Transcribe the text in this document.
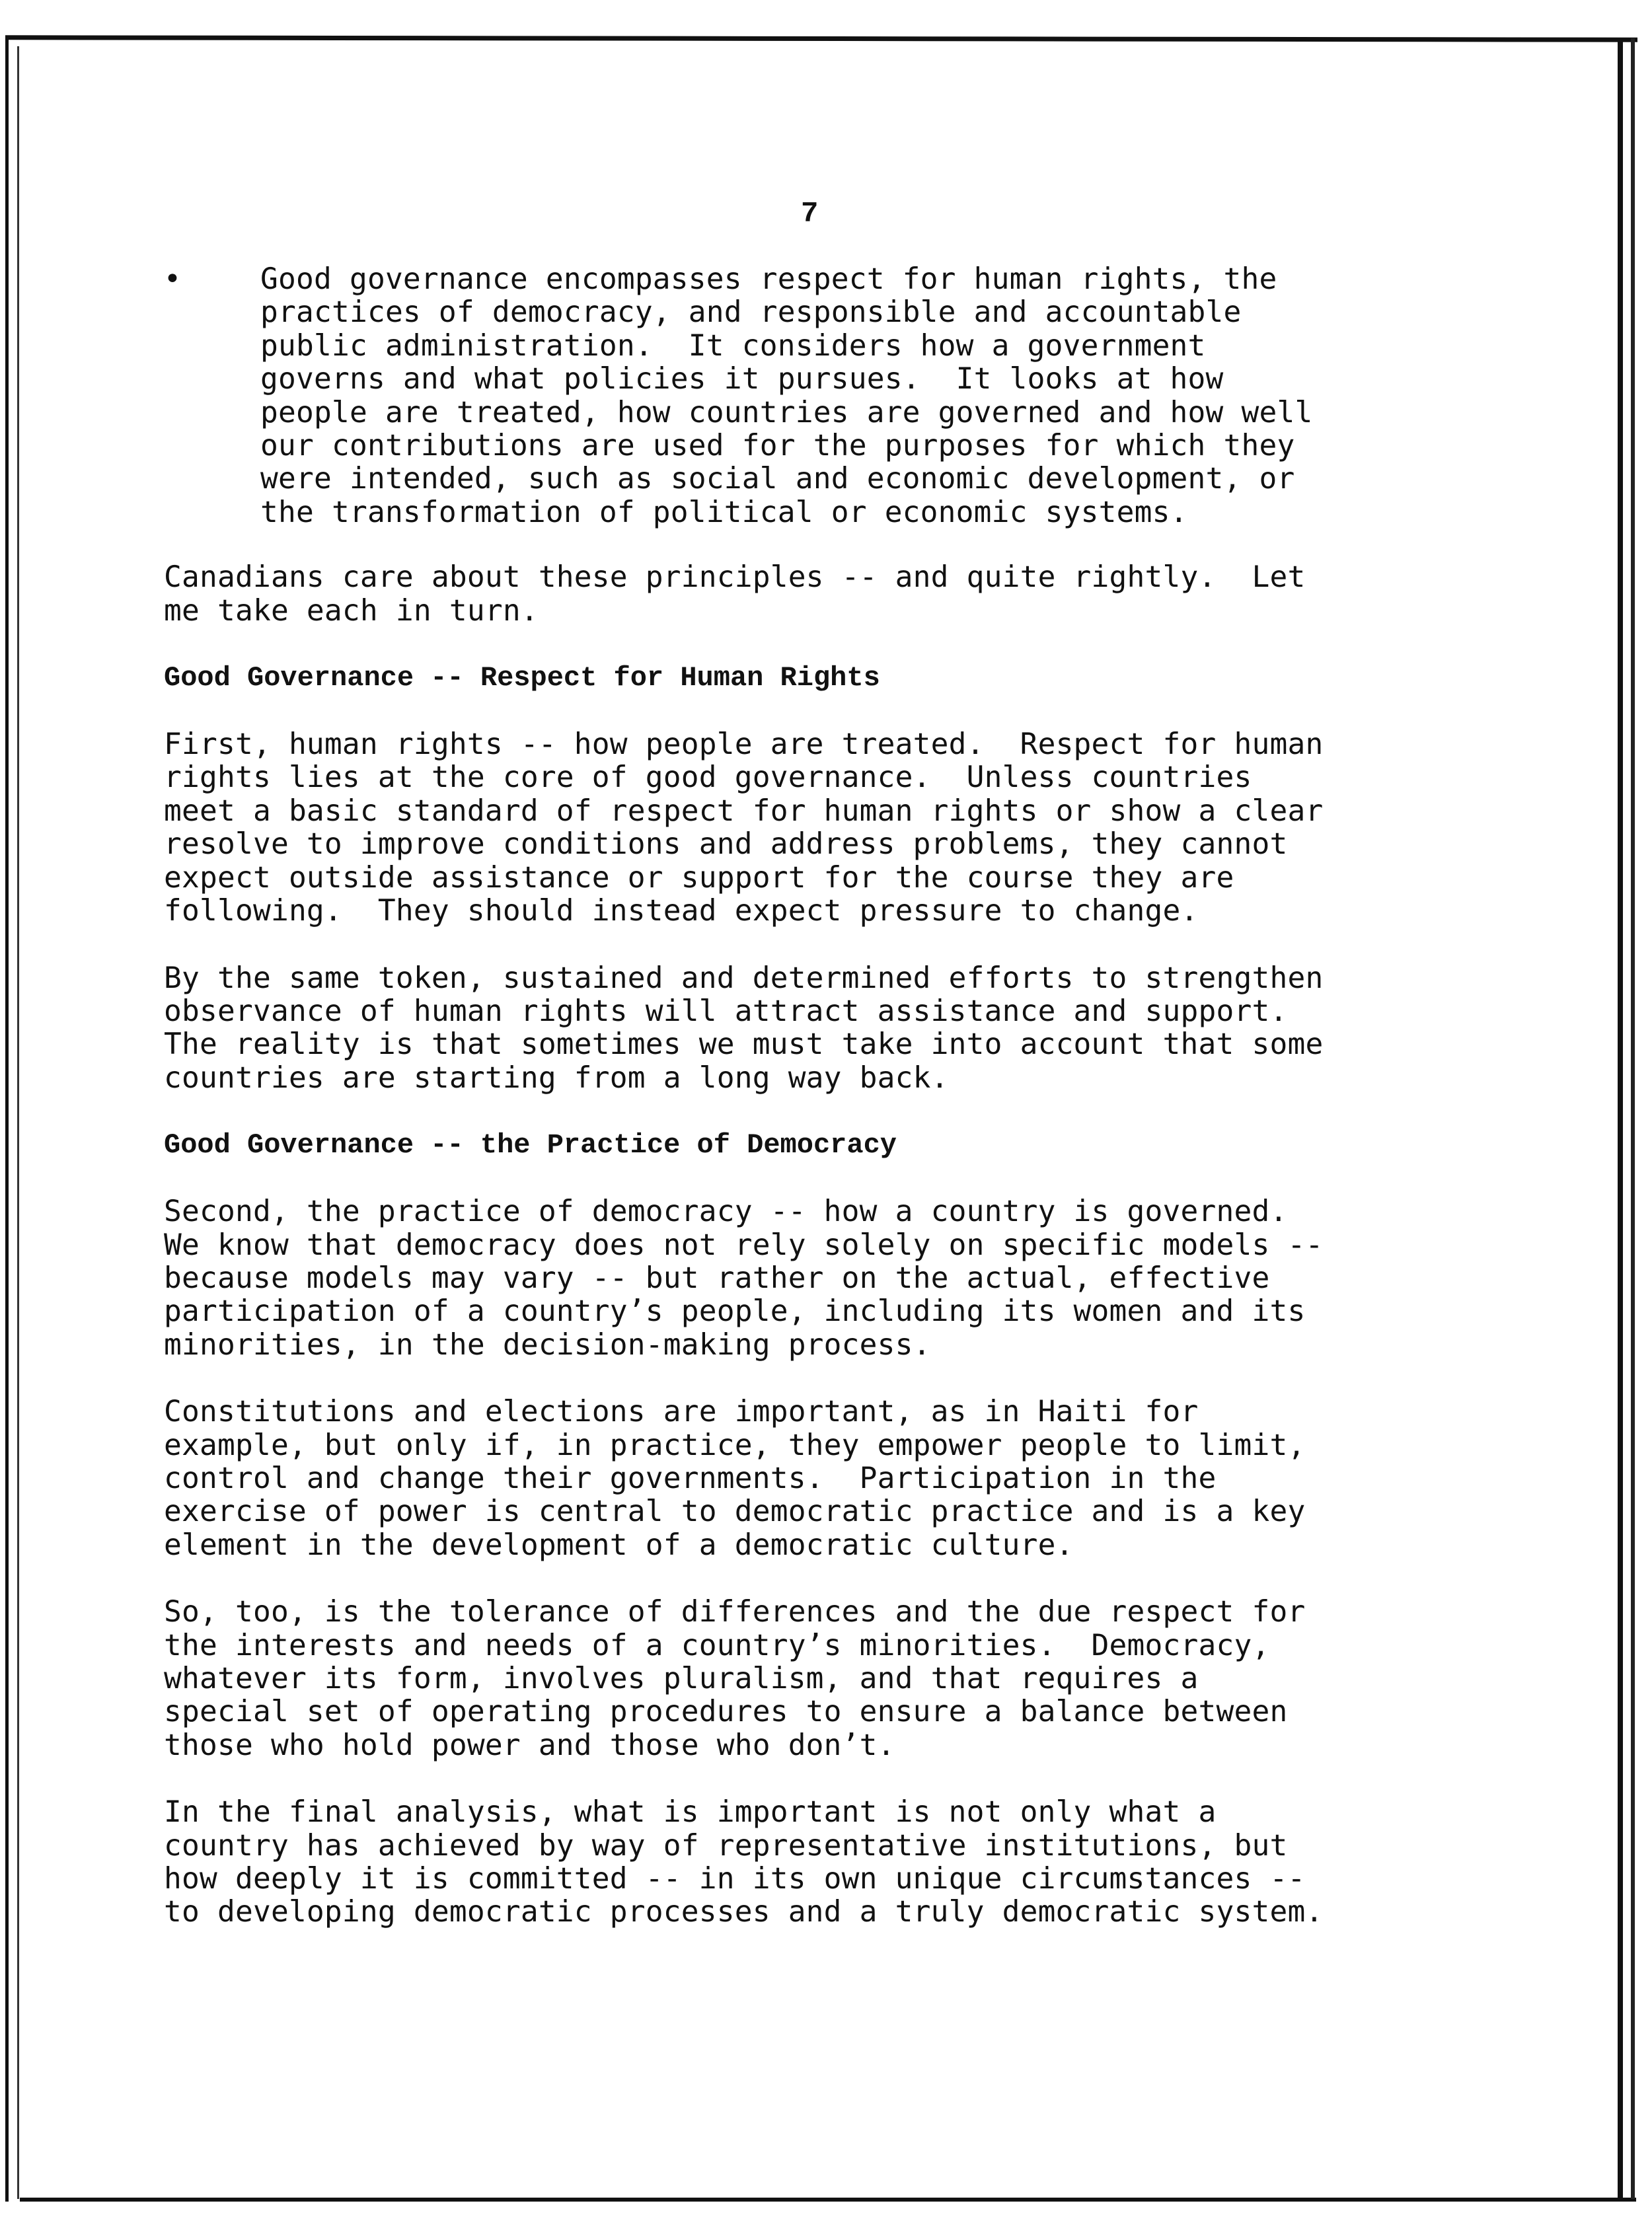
7
•	Good governance encompasses respect for human rights, the
practices of democracy, and responsible and accountable
public administration.  It considers how a government
governs and what policies it pursues.  It looks at how
people are treated, how countries are governed and how well
our contributions are used for the purposes for which they
were intended, such as social and economic development, or
the transformation of political or economic systems.
Canadians care about these principles -- and quite rightly.  Let
me take each in turn.
Good Governance -- Respect for Human Rights
First, human rights -- how people are treated.  Respect for human
rights lies at the core of good governance.  Unless countries
meet a basic standard of respect for human rights or show a clear
resolve to improve conditions and address problems, they cannot
expect outside assistance or support for the course they are
following.  They should instead expect pressure to change.
By the same token, sustained and determined efforts to strengthen
observance of human rights will attract assistance and support.
The reality is that sometimes we must take into account that some
countries are starting from a long way back.
Good Governance -- the Practice of Democracy
Second, the practice of democracy -- how a country is governed.
We know that democracy does not rely solely on specific models --
because models may vary -- but rather on the actual, effective
participation of a country’s people, including its women and its
minorities, in the decision-making process.
Constitutions and elections are important, as in Haiti for
example, but only if, in practice, they empower people to limit,
control and change their governments.  Participation in the
exercise of power is central to democratic practice and is a key
element in the development of a democratic culture.
So, too, is the tolerance of differences and the due respect for
the interests and needs of a country’s minorities.  Democracy,
whatever its form, involves pluralism, and that requires a
special set of operating procedures to ensure a balance between
those who hold power and those who don’t.
In the final analysis, what is important is not only what a
country has achieved by way of representative institutions, but
how deeply it is committed -- in its own unique circumstances --
to developing democratic processes and a truly democratic system.
